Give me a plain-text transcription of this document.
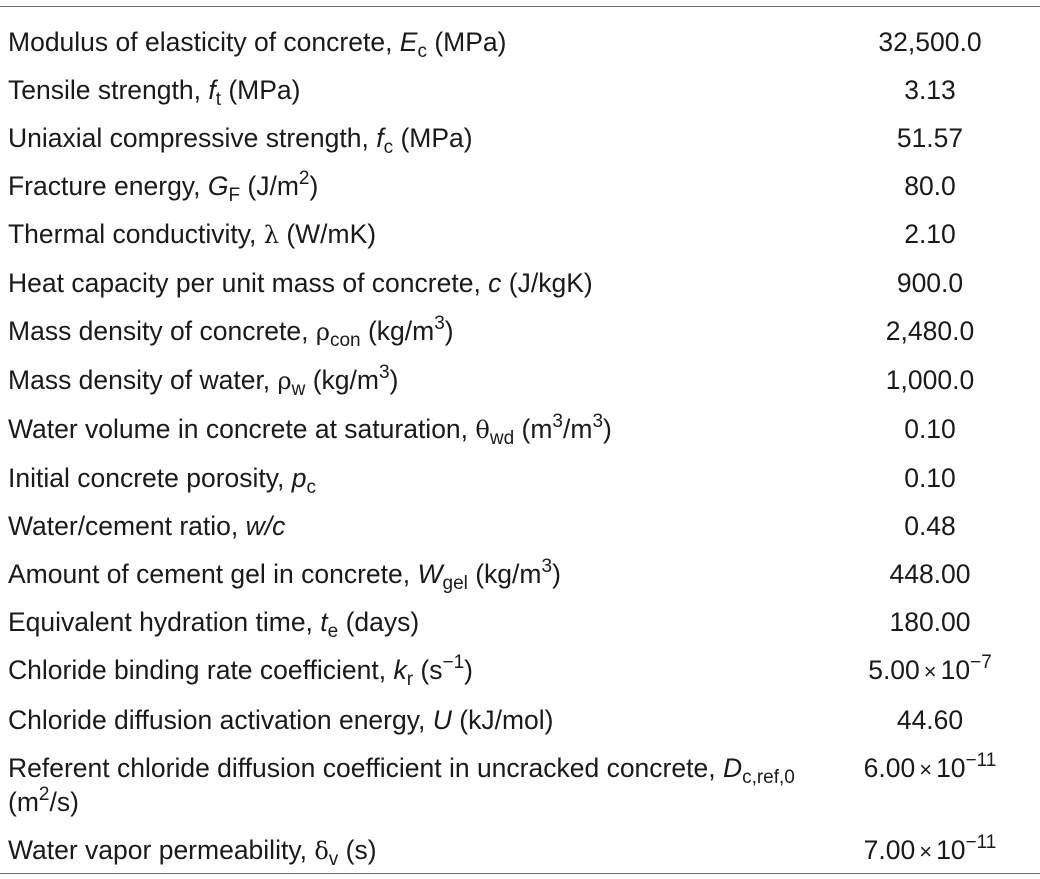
Modulus of elasticity of concrete, $E_c$ (MPa)	32,500.0
Tensile strength, $f_t$ (MPa)	3.13
Uniaxial compressive strength, $f_c$ (MPa)	51.57
Fracture energy, $G_F$ $(J/m^2)$	80.0
Thermal conductivity, λ (W/mK)	2.10
Heat capacity per unit mass of concrete, c (J/kgK)	900.0
Mass density of concrete, $\rho_{con}$ $(kg/m^3)$	2,480.0
Mass density of water, $\rho_w$ $(kg/m^3)$	1,000.0
Water volume in concrete at saturation, $\theta_{wd}$ $(m^3/m^3)$	0.10
Initial concrete porosity, $p_c$	0.10
Water/cement ratio, w/c	0.48
Amount of cement gel in concrete, $W_{gel}$ $(kg/m^3)$	448.00
Equivalent hydration time, $t_e$ (days)	180.00
Chloride binding rate coefficient, $k_r$ $(s^{-1})$	$5.00 \times 10^{-7}$
Chloride diffusion activation energy, U (kJ/mol)	44.60
Referent chloride diffusion coefficient in uncracked concrete, $D_{c,ref,0}$ $(m^2/s)$	$6.00 \times 10^{-11}$
Water vapor permeability, $\delta_v$ (s)	$7.00 \times 10^{-11}$
